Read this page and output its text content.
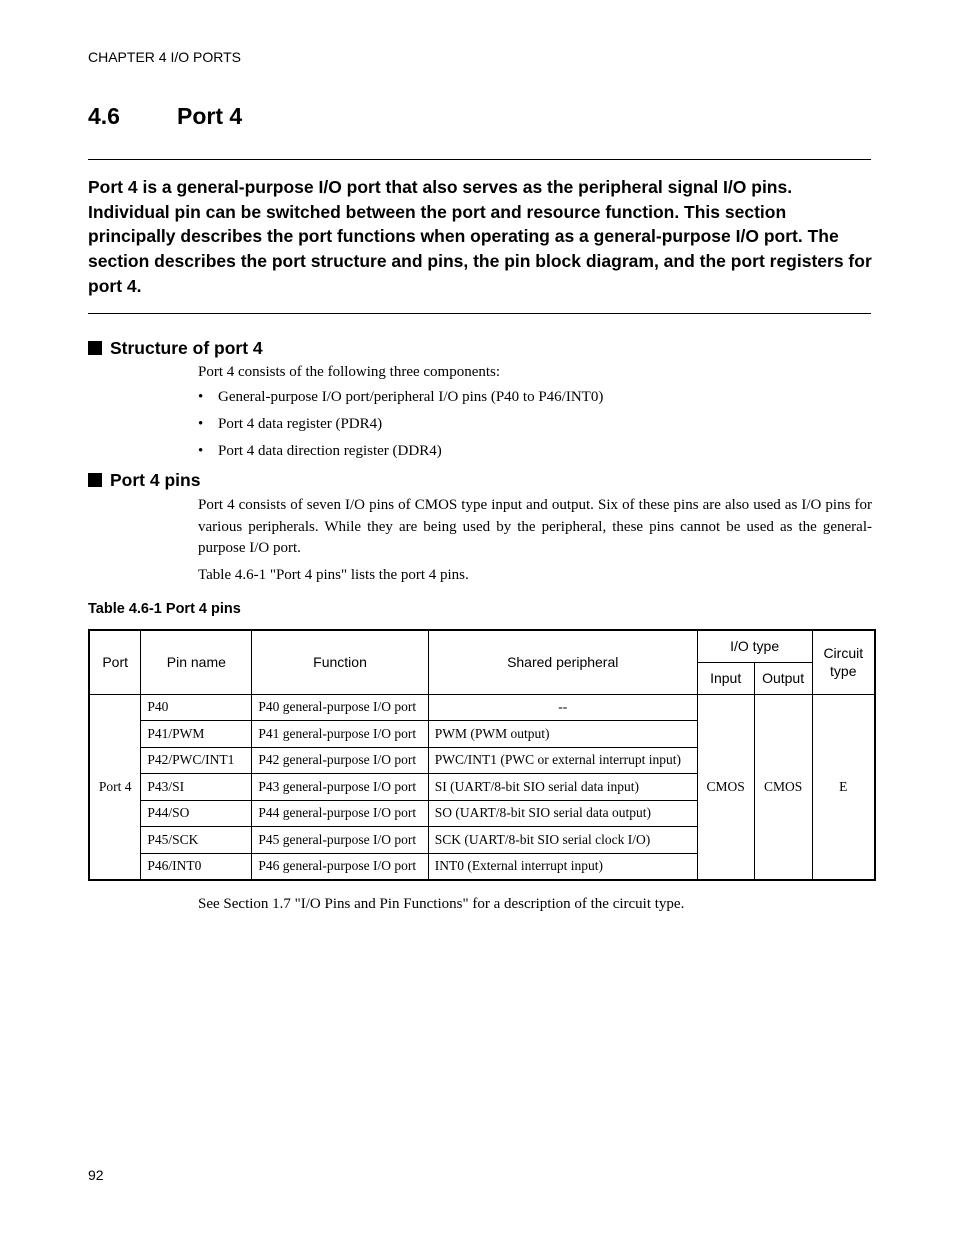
CHAPTER 4 I/O PORTS
4.6 Port 4
Port 4 is a general-purpose I/O port that also serves as the peripheral signal I/O pins. Individual pin can be switched between the port and resource function. This section principally describes the port functions when operating as a general-purpose I/O port. The section describes the port structure and pins, the pin block diagram, and the port registers for port 4.
Structure of port 4
Port 4 consists of the following three components:
• General-purpose I/O port/peripheral I/O pins (P40 to P46/INT0)
• Port 4 data register (PDR4)
• Port 4 data direction register (DDR4)
Port 4 pins
Port 4 consists of seven I/O pins of CMOS type input and output. Six of these pins are also used as I/O pins for various peripherals. While they are being used by the peripheral, these pins cannot be used as the general-purpose I/O port.
Table 4.6-1 "Port 4 pins" lists the port 4 pins.
Table 4.6-1 Port 4 pins
Port	Pin name	Function	Shared peripheral	I/O type		Circuit type
				Input	Output	
Port 4	P40	P40 general-purpose I/O port	--	CMOS	CMOS	E
	P41/PWM	P41 general-purpose I/O port	PWM (PWM output)			
	P42/PWC/INT1	P42 general-purpose I/O port	PWC/INT1 (PWC or external interrupt input)			
	P43/SI	P43 general-purpose I/O port	SI (UART/8-bit SIO serial data input)			
	P44/SO	P44 general-purpose I/O port	SO (UART/8-bit SIO serial data output)			
	P45/SCK	P45 general-purpose I/O port	SCK (UART/8-bit SIO serial clock I/O)			
	P46/INT0	P46 general-purpose I/O port	INT0 (External interrupt input)			
See Section 1.7 "I/O Pins and Pin Functions" for a description of the circuit type.
92
